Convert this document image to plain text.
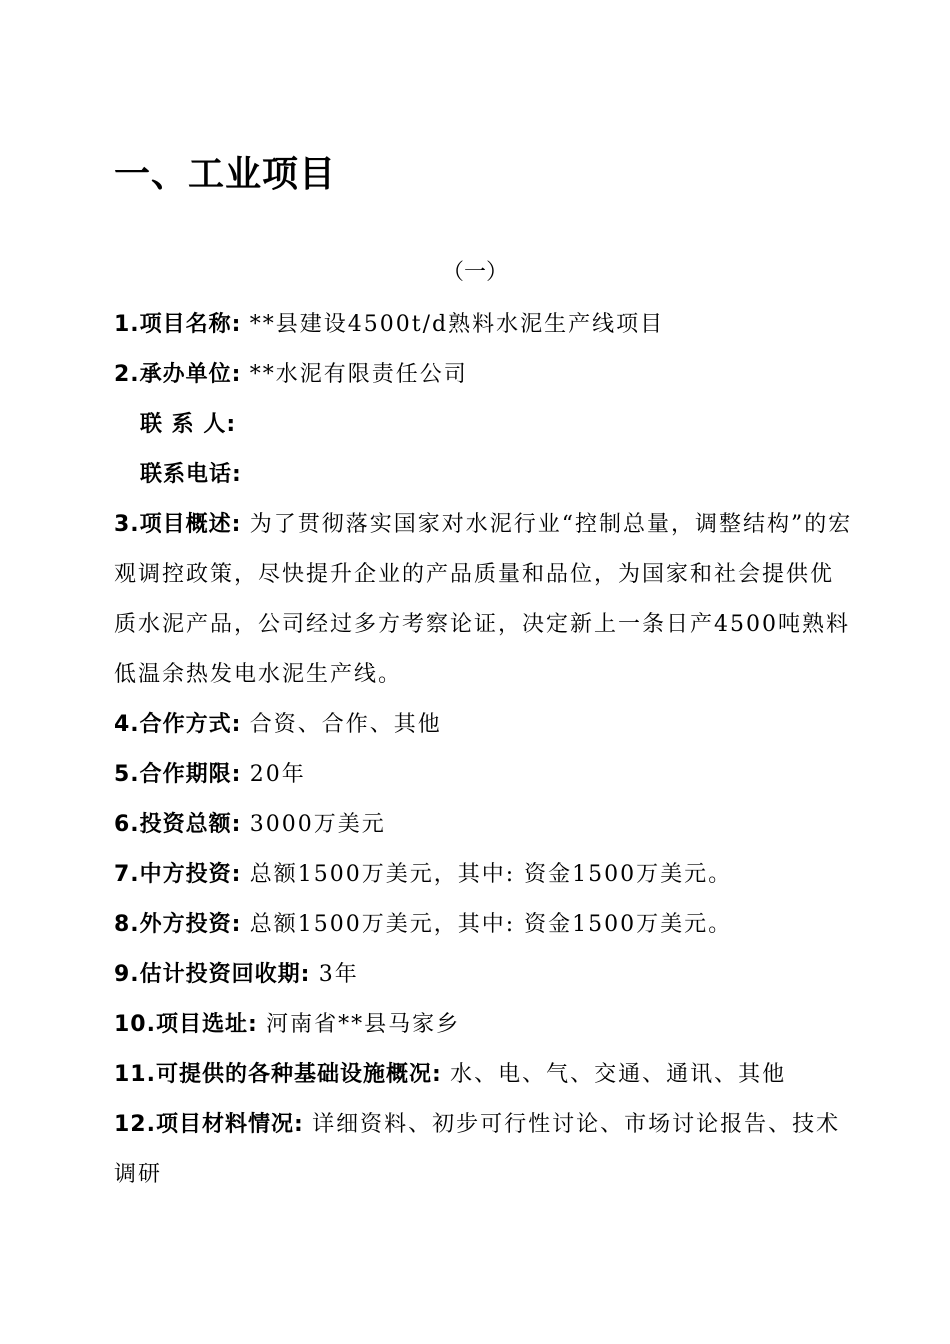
一、工业项目
（一）

1.项目名称: **县建设4500t/d熟料水泥生产线项目

2.承办单位: **水泥有限责任公司

联 系 人:

联系电话:

3.项目概述: 为了贯彻落实国家对水泥行业“控制总量，调整结构”的宏观调控政策，尽快提升企业的产品质量和品位，为国家和社会提供优质水泥产品，公司经过多方考察论证，决定新上一条日产4500吨熟料低温余热发电水泥生产线。

4.合作方式: 合资、合作、其他

5.合作期限: 20年

6.投资总额: 3000万美元

7.中方投资: 总额1500万美元，其中: 资金1500万美元。

8.外方投资: 总额1500万美元，其中: 资金1500万美元。

9.估计投资回收期: 3年

10.项目选址: 河南省**县马家乡

11.可提供的各种基础设施概况: 水、电、气、交通、通讯、其他

12.项目材料情况: 详细资料、初步可行性讨论、市场讨论报告、技术调研
